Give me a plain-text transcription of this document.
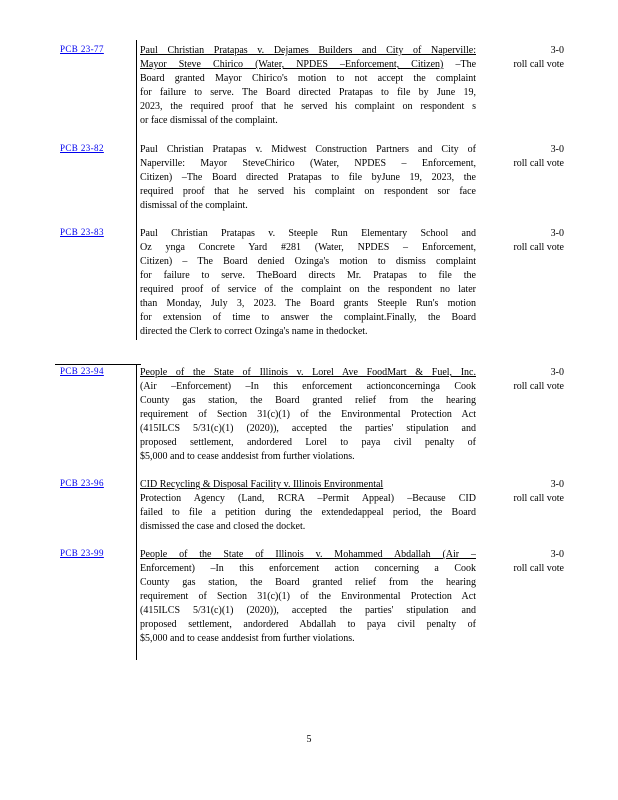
PCB 23-77	Paul Christian Pratapas v. Dejames Builders and City of Naperville:
Mayor Steve Chirico (Water, NPDES –Enforcement, Citizen) –The
Board granted Mayor Chirico's motion to not accept the complaint
for failure to serve. The Board directed Pratapas to file by June 19,
2023, the required proof that he served his complaint on respondent s
or face dismissal of the complaint.
3-0
roll call vote
PCB 23-82	Paul Christian Pratapas v. Midwest Construction Partners and City of
Naperville: Mayor SteveChirico (Water, NPDES – Enforcement,
Citizen) –The Board directed Pratapas to file byJune 19, 2023, the
required proof that he served his complaint on respondent sor face
dismissal of the complaint.
3-0
roll call vote
PCB 23-83	Paul Christian Pratapas v. Steeple Run Elementary School and
Oz ynga Concrete Yard #281 (Water, NPDES – Enforcement,
Citizen) – The Board denied Ozinga's motion to dismiss complaint
for failure to serve. TheBoard directs Mr. Pratapas to file the
required proof of service of the complaint on the respondent no later
than Monday, July 3, 2023. The Board grants Steeple Run's motion
for extension of time to answer the complaint.Finally, the Board
directed the Clerk to correct Ozinga's name in thedocket.
3-0
roll call vote
PCB 23-94	People of the State of Illinois v. Lorel Ave FoodMart & Fuel, Inc.
(Air –Enforcement) –In this enforcement actionconcerninga Cook
County gas station, the Board granted relief from the hearing
requirement of Section 31(c)(1) of the Environmental Protection Act
(415ILCS 5/31(c)(1) (2020)), accepted the parties' stipulation and
proposed settlement, andordered Lorel to paya civil penalty of
$5,000 and to cease anddesist from further violations.
3-0
roll call vote
PCB 23-96	CID Recycling & Disposal Facility v. Illinois Environmental
Protection Agency (Land, RCRA –Permit Appeal) –Because CID
failed to file a petition during the extendedappeal period, the Board
dismissed the case and closed the docket.
3-0
roll call vote
PCB 23-99	People of the State of Illinois v. Mohammed Abdallah (Air –
Enforcement) –In this enforcement action concerning a Cook
County gas station, the Board granted relief from the hearing
requirement of Section 31(c)(1) of the Environmental Protection Act
(415ILCS 5/31(c)(1) (2020)), accepted the parties' stipulation and
proposed settlement, andordered Abdallah to paya civil penalty of
$5,000 and to cease anddesist from further violations.
3-0
roll call vote
5
